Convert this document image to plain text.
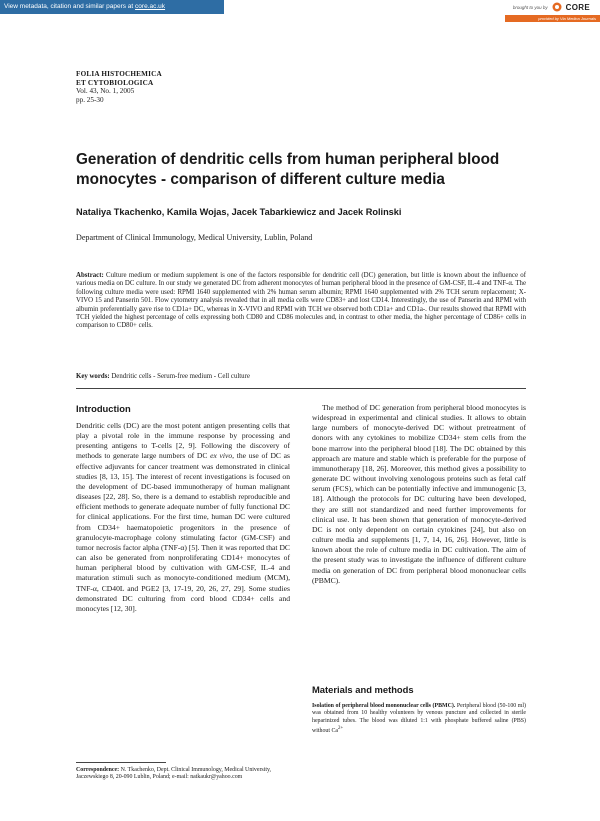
View metadata, citation and similar papers at core.ac.uk	brought to you by CORE
provided by Via Medica Journals
FOLIA HISTOCHEMICA
ET CYTOBIOLOGICA
Vol. 43, No. 1, 2005
pp. 25-30
Generation of dendritic cells from human peripheral blood monocytes - comparison of different culture media
Nataliya Tkachenko, Kamila Wojas, Jacek Tabarkiewicz and Jacek Rolinski
Department of Clinical Immunology, Medical University, Lublin, Poland
Abstract: Culture medium or medium supplement is one of the factors responsible for dendritic cell (DC) generation, but little is known about the influence of various media on DC culture. In our study we generated DC from adherent monocytes of human peripheral blood in the presence of GM-CSF, IL-4 and TNF-α. The following culture media were used: RPMI 1640 supplemented with 2% human serum albumin; RPMI 1640 supplemented with 2% TCH serum replacement; X-VIVO 15 and Panserin 501. Flow cytometry analysis revealed that in all media cells were CD83+ and lost CD14. Interestingly, the use of Panserin and RPMI with albumin preferentially gave rise to CD1a+ DC, whereas in X-VIVO and RPMI with TCH we observed both CD1a+ and CD1a-. Our results showed that RPMI with TCH yielded the highest percentage of cells expressing both CD80 and CD86 molecules and, in contrast to other media, the higher percentage of CD86+ cells in comparison to CD80+ cells.
Key words: Dendritic cells - Serum-free medium - Cell culture
Introduction

Dendritic cells (DC) are the most potent antigen presenting cells that play a pivotal role in the immune response by processing and presenting antigens to T-cells [2, 9]. Following the discovery of methods to generate large numbers of DC ex vivo, the use of DC as effective adjuvants for cancer treatment was demonstrated in clinical studies [8, 13, 15]. The interest of recent investigations is focused on the development of DC-based immunotherapy of human malignant diseases [22, 28]. So, there is a demand to establish reproducible and efficient methods to generate adequate number of fully functional DC for clinical applications. For the first time, human DC were cultured from CD34+ haematopoietic progenitors in the presence of granulocyte-macrophage colony stimulating factor (GM-CSF) and tumor necrosis factor alpha (TNF-α) [5]. Then it was reported that DC can also be generated from nonproliferating CD14+ monocytes of human peripheral blood by cultivation with GM-CSF, IL-4 and maturation stimuli such as monocyte-conditioned medium (MCM), TNF-α, CD40L and PGE2 [3, 17-19, 20, 26, 27, 29]. Some studies demonstrated DC culturing from cord blood CD34+ cells and monocytes [12, 30].

Correspondence: N. Tkachenko, Dept. Clinical Immunology, Medical University, Jaczewskiego 8, 20-090 Lublin, Poland; e-mail: natkaukr@yahoo.com

The method of DC generation from peripheral blood monocytes is widespread in experimental and clinical studies. It allows to obtain large numbers of monocyte-derived DC without pretreatment of donors with any cytokines to mobilize CD34+ stem cells from the bone marrow into the peripheral blood [18]. The DC obtained by this approach are mature and stable which is preferable for the purpose of immunotherapy [18, 26]. Moreover, this method gives a possibility to generate DC without involving xenologous proteins such as fetal calf serum (FCS), which can be potentially infective and immunogenic [3, 18]. Although the protocols for DC culturing have been developed, they are still not standardized and need further improvements for clinical use. It has been shown that generation of monocyte-derived DC is not only dependent on certain cytokines [24], but also on culture media and supplements [1, 7, 14, 16, 26]. However, little is known about the role of culture media in DC cultivation. The aim of the present study was to investigate the influence of different culture media on generation of DC from peripheral blood mononuclear cells (PBMC).

Materials and methods
Isolation of peripheral blood mononuclear cells (PBMC). Peripheral blood (50-100 ml) was obtained from 10 healthy volunteers by venous puncture and collected in sterile heparinized tubes. The blood was diluted 1:1 with phosphate buffered saline (PBS) without $Ca^{2+}$
